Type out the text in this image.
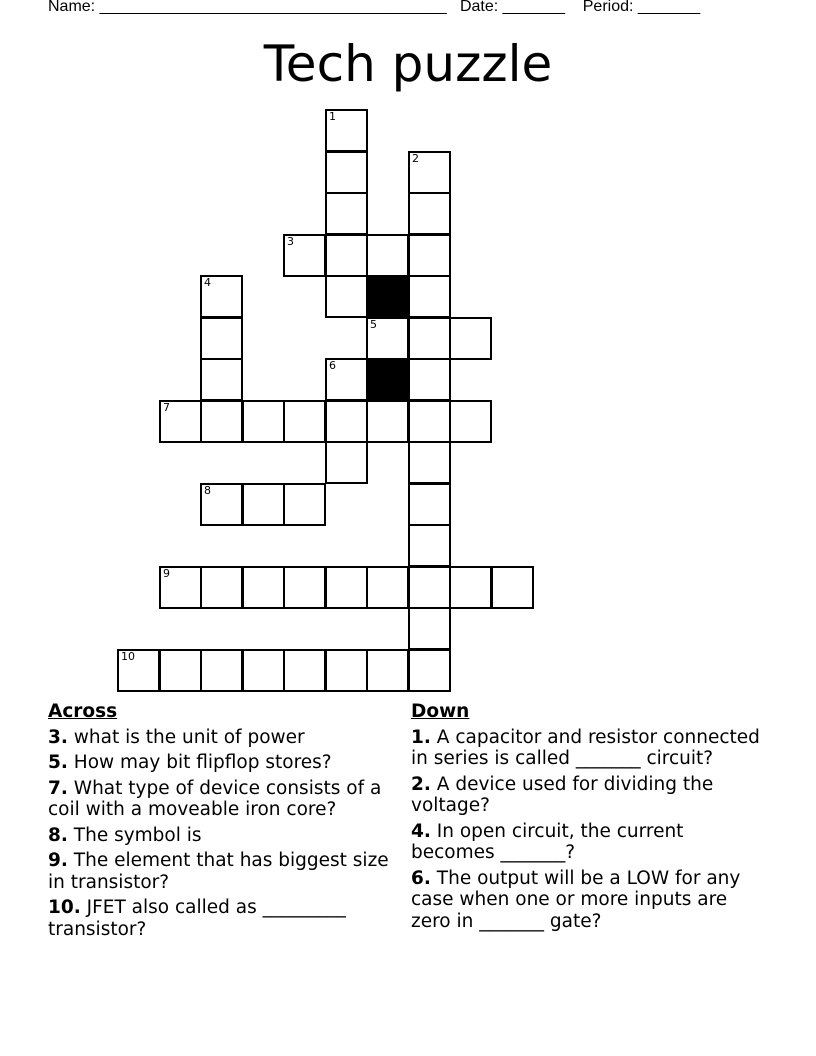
Name: _______________________________________ Date: _______ Period: _______
Tech puzzle
1
2
3
4
5
6
7
8
9
10
Across
3. what is the unit of power
5. How may bit flipflop stores?
7. What type of device consists of a coil with a moveable iron core?
8. The symbol is
9. The element that has biggest size in transistor?
10. JFET also called as _________ transistor?
Down
1. A capacitor and resistor connected in series is called _______ circuit?
2. A device used for dividing the voltage?
4. In open circuit, the current becomes _______?
6. The output will be a LOW for any case when one or more inputs are zero in _______ gate?
